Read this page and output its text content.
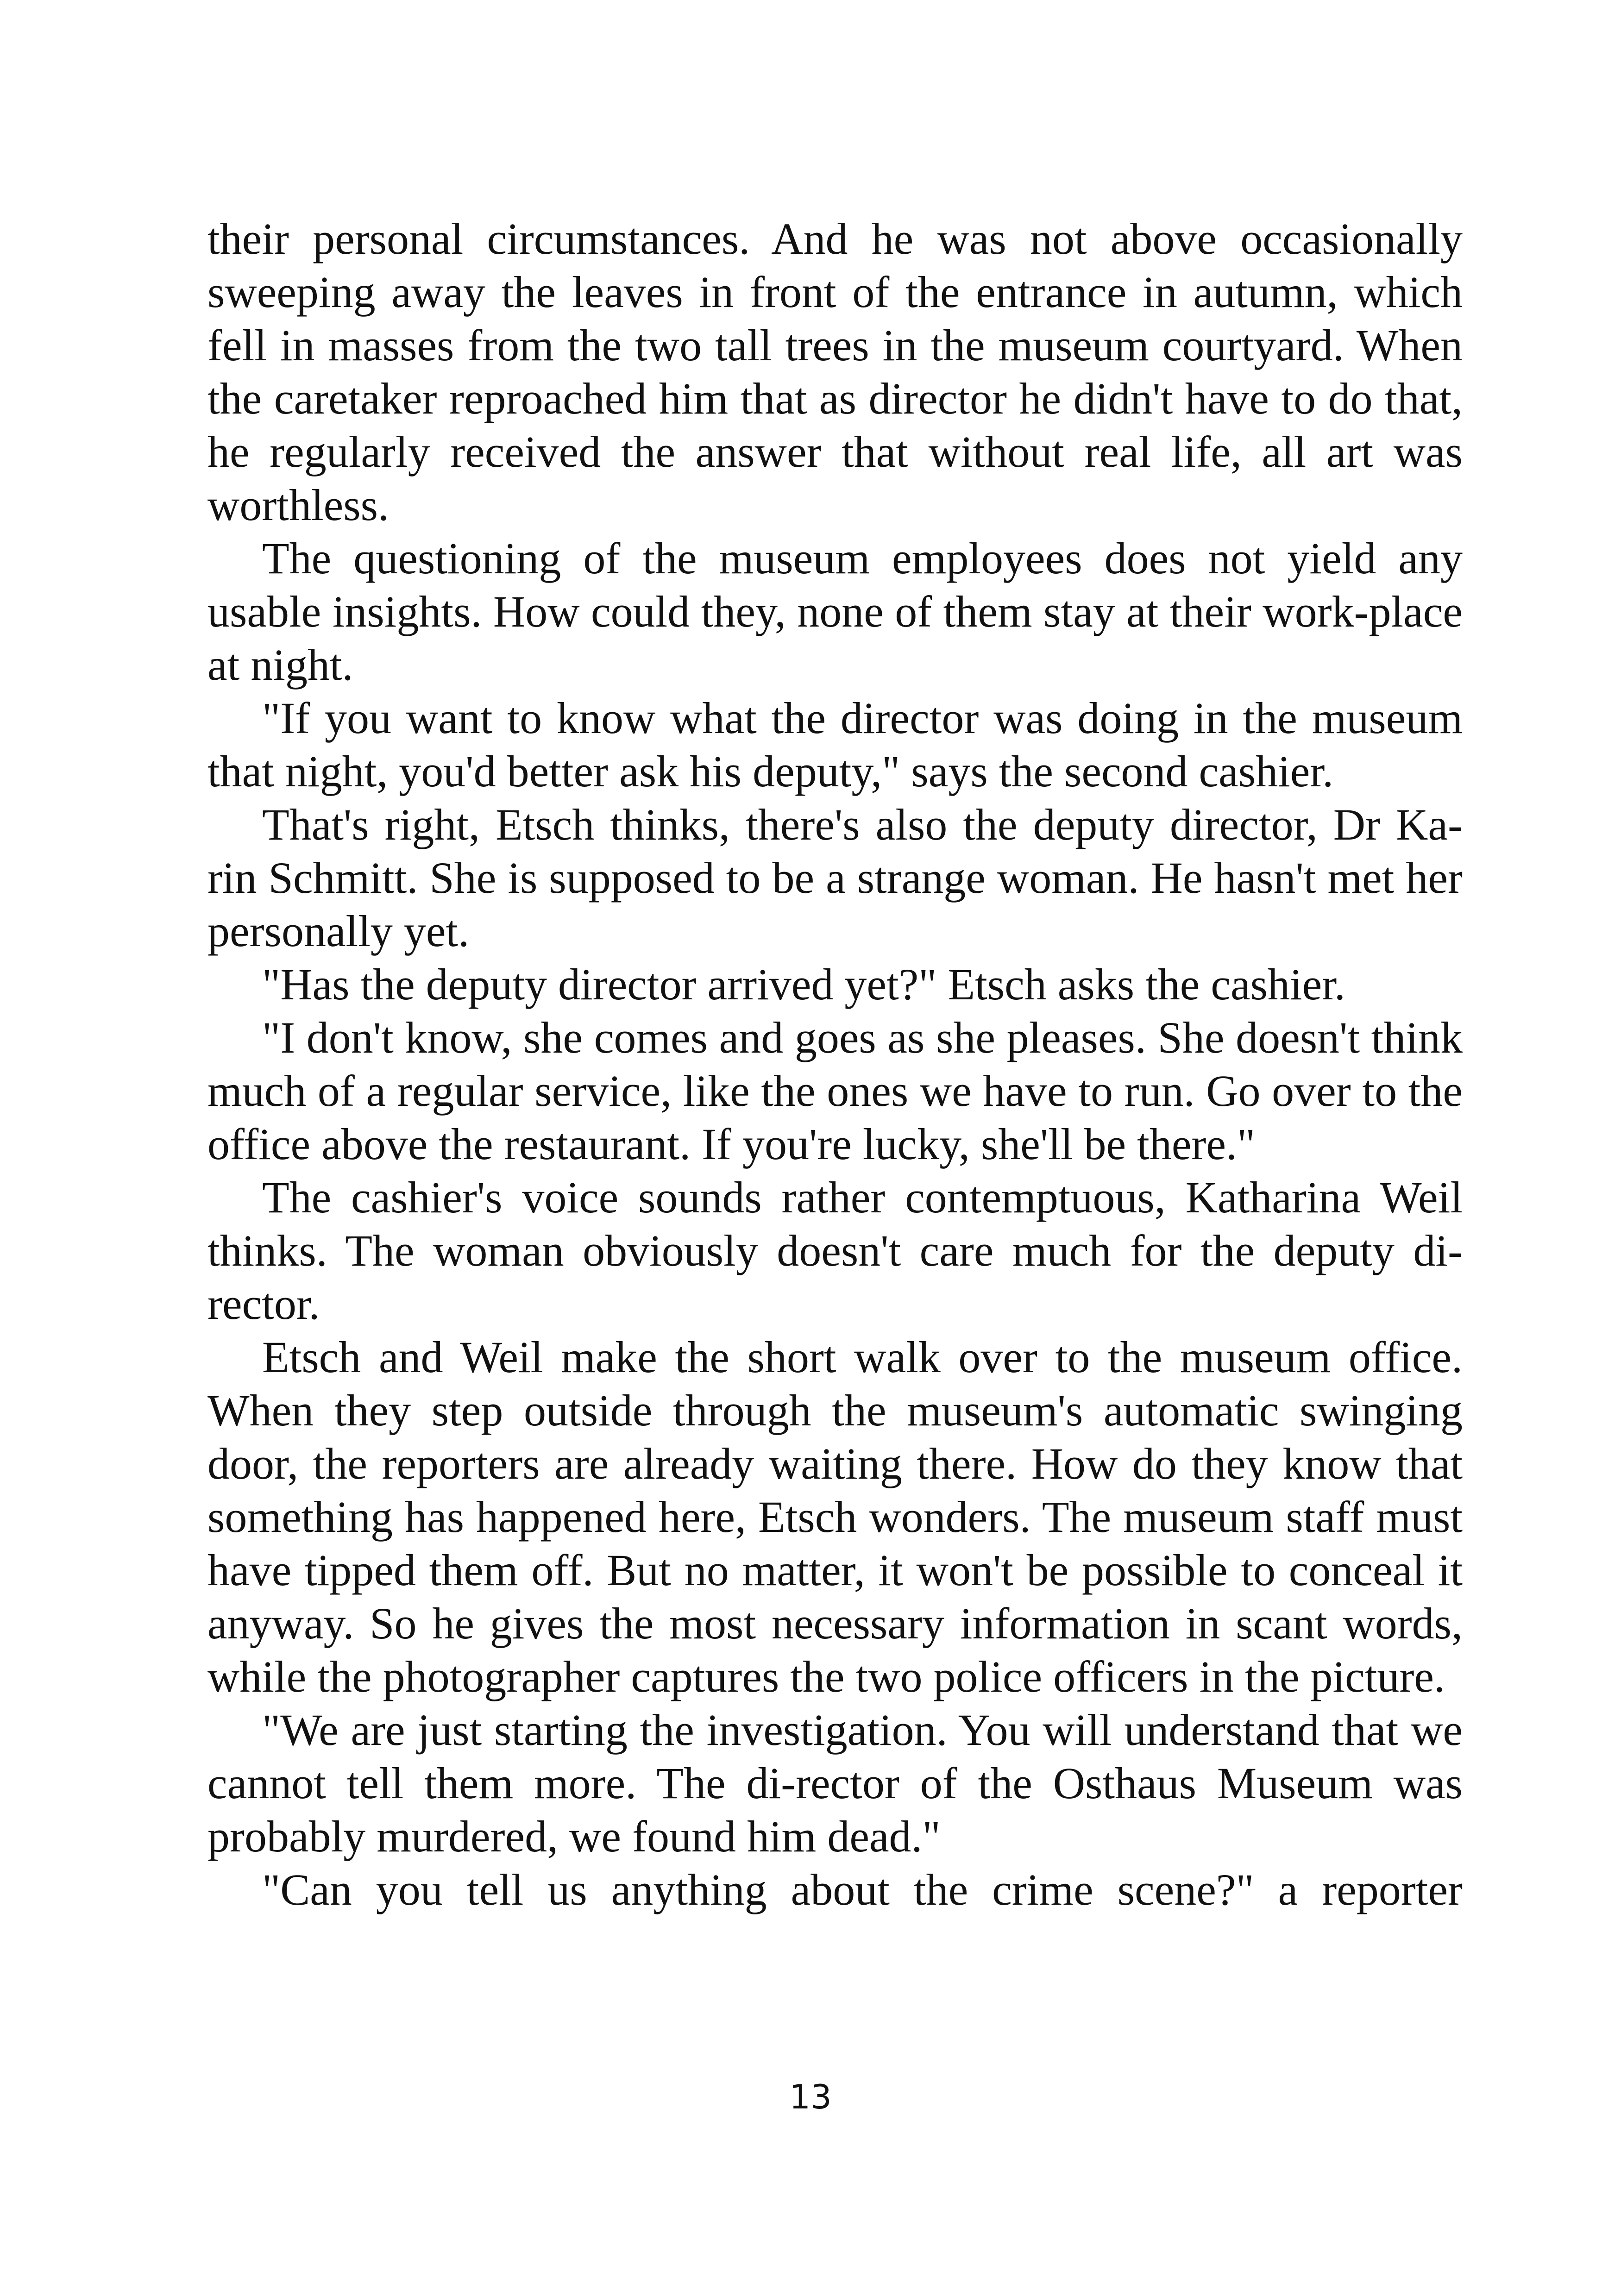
their personal circumstances. And he was not above occasionally sweeping away the leaves in front of the entrance in autumn, which fell in masses from the two tall trees in the museum courtyard. When the caretaker reproached him that as director he didn't have to do that, he regularly received the answer that without real life, all art was worthless.

The questioning of the museum employees does not yield any usable insights. How could they, none of them stay at their work-place at night.

"If you want to know what the director was doing in the museum that night, you'd better ask his deputy," says the second cashier.

That's right, Etsch thinks, there's also the deputy director, Dr Ka-rin Schmitt. She is supposed to be a strange woman. He hasn't met her personally yet.

"Has the deputy director arrived yet?" Etsch asks the cashier.

"I don't know, she comes and goes as she pleases. She doesn't think much of a regular service, like the ones we have to run. Go over to the office above the restaurant. If you're lucky, she'll be there."

The cashier's voice sounds rather contemptuous, Katharina Weil thinks. The woman obviously doesn't care much for the deputy di-rector.

Etsch and Weil make the short walk over to the museum office. When they step outside through the museum's automatic swinging door, the reporters are already waiting there. How do they know that something has happened here, Etsch wonders. The museum staff must have tipped them off. But no matter, it won't be possible to conceal it anyway. So he gives the most necessary information in scant words, while the photographer captures the two police officers in the picture.

"We are just starting the investigation. You will understand that we cannot tell them more. The di-rector of the Osthaus Museum was probably murdered, we found him dead."

"Can you tell us anything about the crime scene?" a reporter

13
